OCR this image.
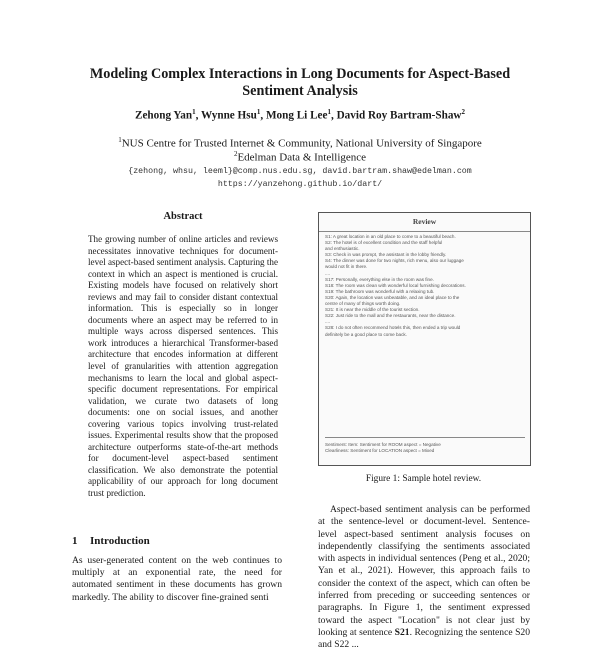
Modeling Complex Interactions in Long Documents for Aspect-Based
Sentiment Analysis
Zehong Yan$^1$, Wynne Hsu$^1$, Mong Li Lee$^1$, David Roy Bartram-Shaw$^2$
$^1$NUS Centre for Trusted Internet & Community, National University of Singapore
$^2$Edelman Data & Intelligence
{zehong, whsu, leeml}@comp.nus.edu.sg, david.bartram.shaw@edelman.com
https://yanzehong.github.io/dart/
Abstract

The growing number of online articles and reviews necessitates innovative techniques for document-level aspect-based sentiment analysis. Capturing the context in which an aspect is mentioned is crucial. Existing models have focused on relatively short reviews and may fail to consider distant contextual information. This is especially so in longer documents where an aspect may be referred to in multiple ways across dispersed sentences. This work introduces a hierarchical Transformer-based architecture that encodes information at different level of granularities with attention aggregation mechanisms to learn the local and global aspect-specific document representations. For empirical validation, we curate two datasets of long documents: one on social issues, and another covering various topics involving trust-related issues. Experimental results show that the proposed architecture outperforms state-of-the-art methods for document-level aspect-based sentiment classification. We also demonstrate the potential applicability of our approach for long document trust prediction.

1 Introduction
As user-generated content on the web continues to multiply at an exponential rate, the need for automated sentiment in these documents has grown markedly. The ability to discover fine-grained senti
Review
S1: A great location in an old place to come to a beautiful beach.
S2: The hotel is of excellent condition and the staff helpful
and enthusiastic.
S3: Check in was prompt, the assistant in the lobby friendly.
S4: The dinner was done for two nights, rich menu, also our luggage
would not fit in there.
....
S17: Personally, everything else in the room was fine.
S18: The room was clean with wonderful local furnishing decorations.
S19: The bathroom was wonderful with a relaxing tub.
S20: Again, the location was unbeatable, and an ideal place to the
centre of many of things worth doing.
S21: It is near the middle of the tourist section.
S22: Just ride to the mall and the restaurants, near the distance.
....
S28: I do not often recommend hotels this, then ended a trip would
definitely be a good place to come back.
Sentiment: Item: Sentiment for ROOM aspect = Negative
Clearliness: Sentiment for LOCATION aspect = Mixed
Figure 1: Sample hotel review.

Aspect-based sentiment analysis can be performed at the sentence-level or document-level. Sentence-level aspect-based sentiment analysis focuses on independently classifying the sentiments associated with aspects in individual sentences (Peng et al., 2020; Yan et al., 2021). However, this approach fails to consider the context of the aspect, which can often be inferred from preceding or succeeding sentences or paragraphs. In Figure 1, the sentiment expressed toward the aspect "Location" is not clear just by looking at sentence S21. Recognizing the sentence S20 and S22 ...
